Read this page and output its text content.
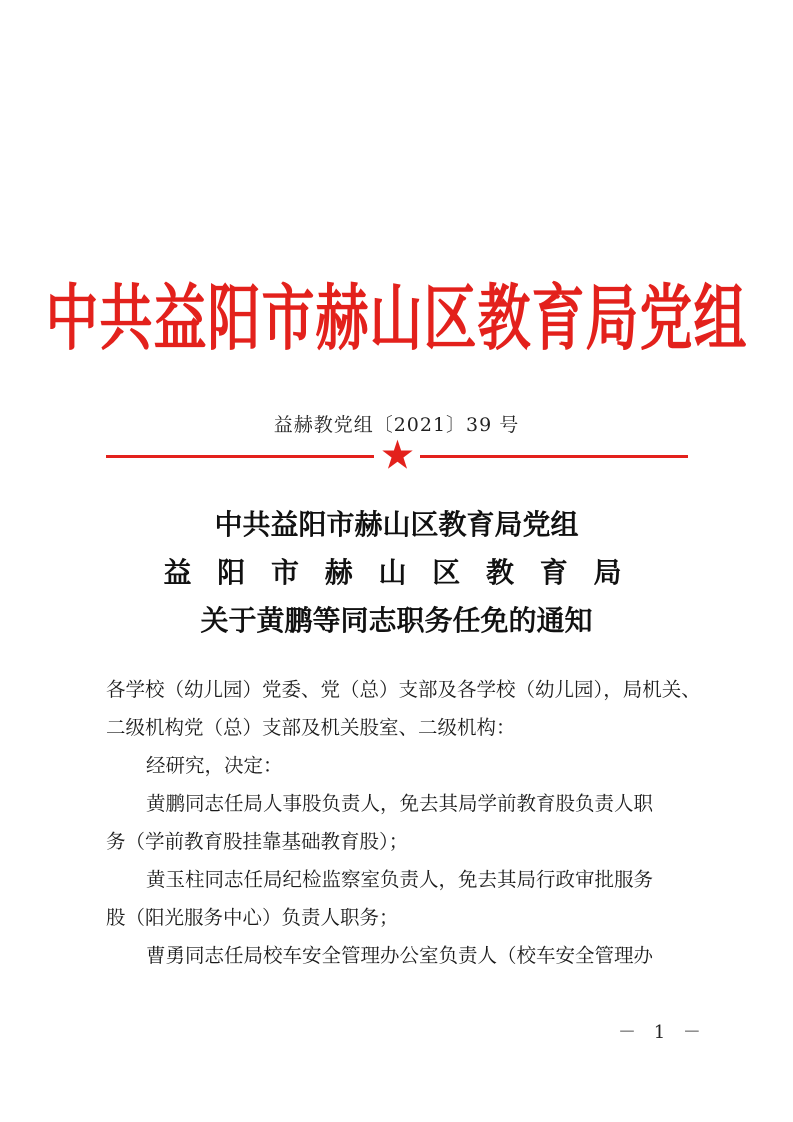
中共益阳市赫山区教育局党组
益赫教党组〔2021〕39 号
中共益阳市赫山区教育局党组
益 阳 市 赫 山 区 教 育 局
关于黄鹏等同志职务任免的通知
各学校（幼儿园）党委、党（总）支部及各学校（幼儿园），局机关、
二级机构党（总）支部及机关股室、二级机构：
经研究，决定：
黄鹏同志任局人事股负责人，免去其局学前教育股负责人职
务（学前教育股挂靠基础教育股）；
黄玉柱同志任局纪检监察室负责人，免去其局行政审批服务
股（阳光服务中心）负责人职务；
曹勇同志任局校车安全管理办公室负责人（校车安全管理办
－ 1 －
